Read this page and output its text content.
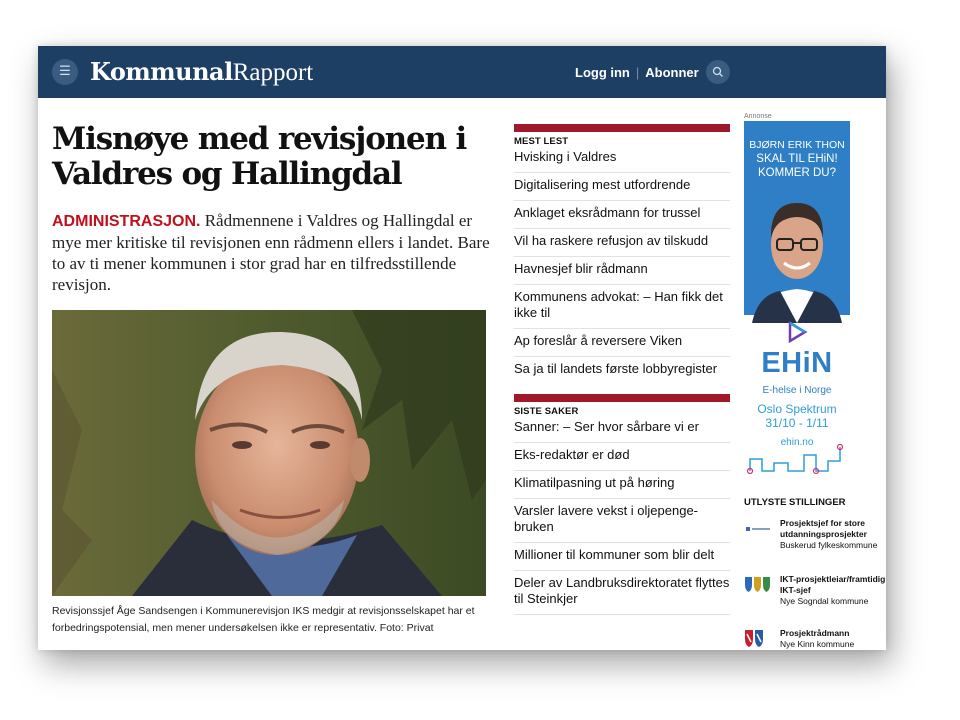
☰ KommunalRapport	Logg inn | Abonner
Misnøye med revisjonen i Valdres og Hallingdal

ADMINISTRASJON. Rådmennene i Valdres og Hallingdal er mye mer kritiske til revisjonen enn rådmenn ellers i landet. Bare to av ti mener kommunen i stor grad har en tilfredsstillende revisjon.

Revisjonssjef Åge Sandsengen i Kommunerevisjon IKS medgir at revisjonsselskapet har et forbedringspotensial, men mener undersøkelsen ikke er representativ. Foto: Privat

MEST LEST
Hvisking i Valdres
Digitalisering mest utfordrende
Anklaget eksrådmann for trussel
Vil ha raskere refusjon av tilskudd
Havnesjef blir rådmann
Kommunens advokat: – Han fikk det ikke til
Ap foreslår å reversere Viken
Sa ja til landets første lobbyregister
SISTE SAKER
Sanner: – Ser hvor sårbare vi er
Eks-redaktør er død
Klimatilpasning ut på høring
Varsler lavere vekst i oljepenge-bruken
Millioner til kommuner som blir delt
Deler av Landbruksdirektoratet flyttes til Steinkjer
Annonse
BJØRN ERIK THON
SKAL TIL EHiN!
KOMMER DU?
EHiN
E-helse i Norge
Oslo Spektrum
31/10 - 1/11
ehin.no
UTLYSTE STILLINGER
Prosjektsjef for store utdanningsprosjekter
Buskerud fylkeskommune
IKT-prosjektleiar/framtidig IKT-sjef
Nye Sogndal kommune
Prosjektrådmann
Nye Kinn kommune
